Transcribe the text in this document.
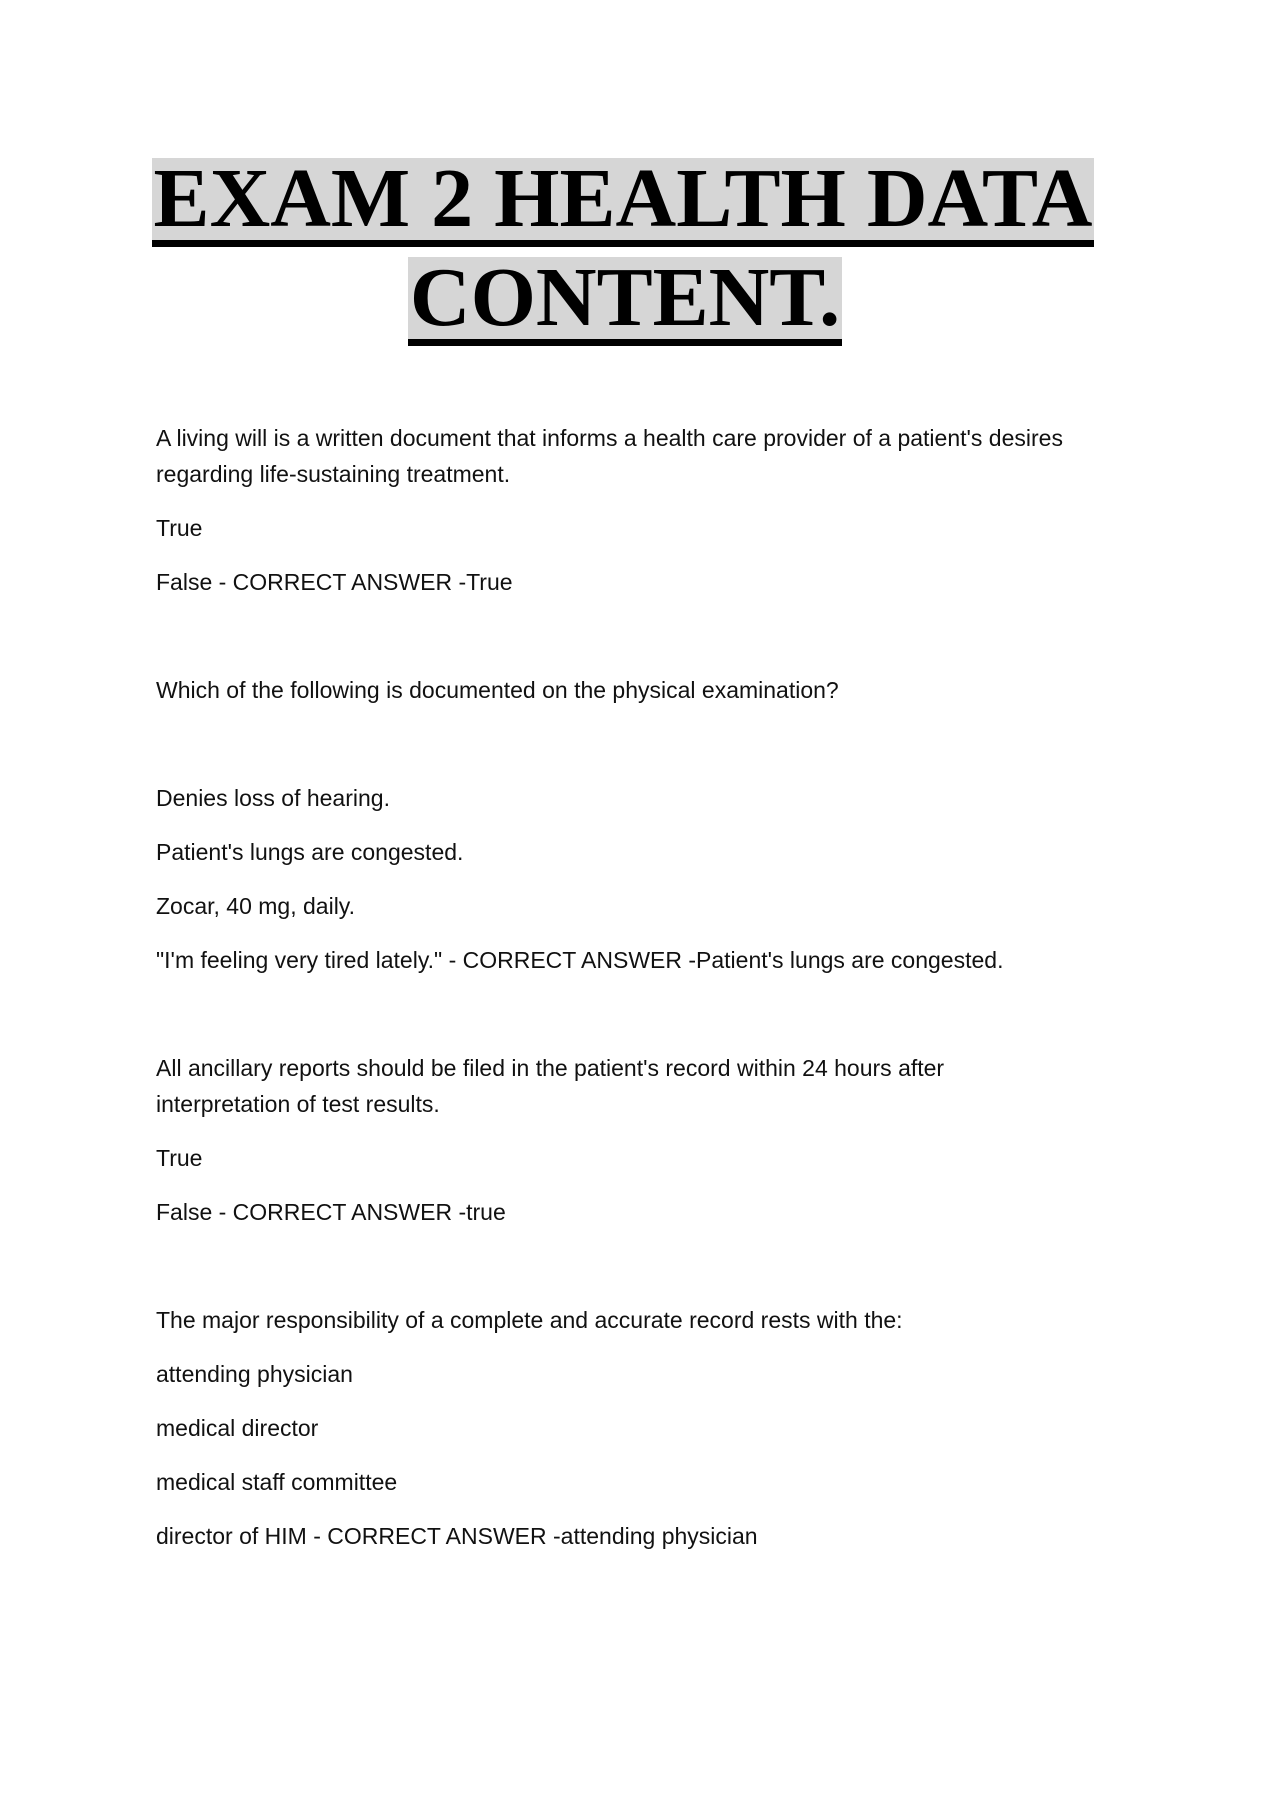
EXAM 2 HEALTH DATA
CONTENT.

A living will is a written document that informs a health care provider of a patient's desires

regarding life-sustaining treatment.

True

False - CORRECT ANSWER -True

Which of the following is documented on the physical examination?

Denies loss of hearing.

Patient's lungs are congested.

Zocar, 40 mg, daily.

"I'm feeling very tired lately." - CORRECT ANSWER -Patient's lungs are congested.

All ancillary reports should be filed in the patient's record within 24 hours after

interpretation of test results.

True

False - CORRECT ANSWER -true

The major responsibility of a complete and accurate record rests with the:

attending physician

medical director

medical staff committee

director of HIM - CORRECT ANSWER -attending physician
